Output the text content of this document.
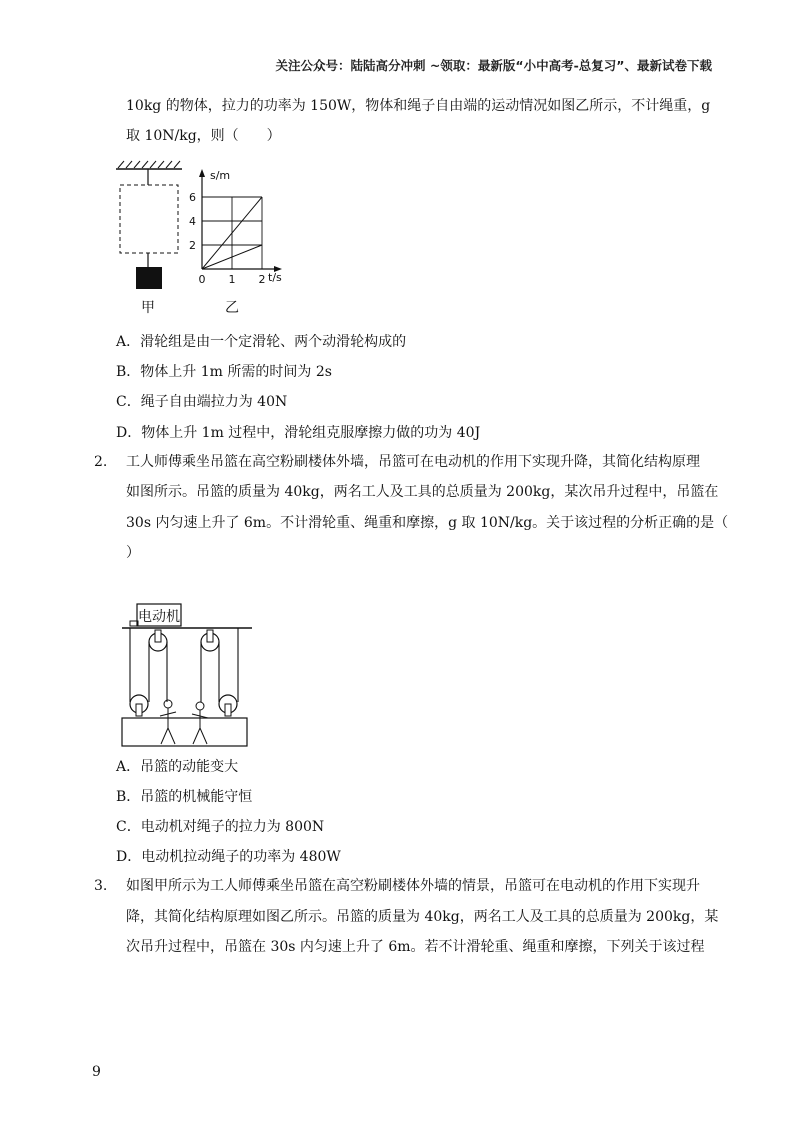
关注公众号：陆陆高分冲刺 ~领取：最新版“小中高考-总复习”、最新试卷下载
10kg 的物体，拉力的功率为 150W，物体和绳子自由端的运动情况如图乙所示，不计绳重，g
取 10N/kg，则（　　）
甲
2
4
6
0 1 2
s/m
t/s
乙
A．滑轮组是由一个定滑轮、两个动滑轮构成的
B．物体上升 1m 所需的时间为 2s
C．绳子自由端拉力为 40N
D．物体上升 1m 过程中，滑轮组克服摩擦力做的功为 40J
2. 工人师傅乘坐吊篮在高空粉刷楼体外墙，吊篮可在电动机的作用下实现升降，其简化结构原理
如图所示。吊篮的质量为 40kg，两名工人及工具的总质量为 200kg，某次吊升过程中，吊篮在
30s 内匀速上升了 6m。不计滑轮重、绳重和摩擦，g 取 10N/kg。关于该过程的分析正确的是（
）
电动机
A．吊篮的动能变大
B．吊篮的机械能守恒
C．电动机对绳子的拉力为 800N
D．电动机拉动绳子的功率为 480W
3. 如图甲所示为工人师傅乘坐吊篮在高空粉刷楼体外墙的情景，吊篮可在电动机的作用下实现升
降，其简化结构原理如图乙所示。吊篮的质量为 40kg，两名工人及工具的总质量为 200kg，某
次吊升过程中，吊篮在 30s 内匀速上升了 6m。若不计滑轮重、绳重和摩擦，下列关于该过程
9
